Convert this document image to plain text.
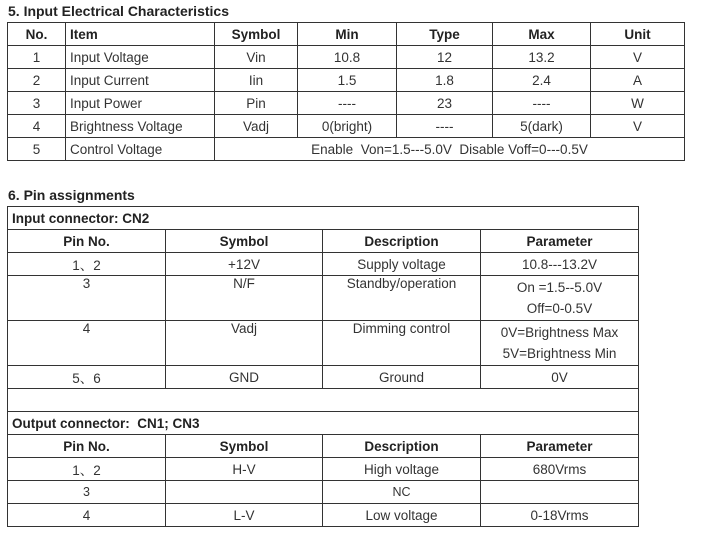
5. Input Electrical Characteristics
No.	Item	Symbol	Min	Type	Max	Unit
1	Input Voltage	Vin	10.8	12	13.2	V
2	Input Current	Iin	1.5	1.8	2.4	A
3	Input Power	Pin	----	23	----	W
4	Brightness Voltage	Vadj	0(bright)	----	5(dark)	V
5	Control Voltage	Enable  Von=1.5---5.0V  Disable Voff=0---0.5V				
6. Pin assignments
Input connector: CN2			
Pin No.	Symbol	Description	Parameter
1、2	+12V	Supply voltage	10.8---13.2V
3	N/F	Standby/operation	On =1.5--5.0V
Off=0-0.5V

4	Vadj	Dimming control	0V=Brightness Max
5V=Brightness Min

5、6	GND	Ground	0V

Output connector:  CN1; CN3			
Pin No.	Symbol	Description	Parameter
1、2	H-V	High voltage	680Vrms
3		NC	
4	L-V	Low voltage	0-18Vrms
